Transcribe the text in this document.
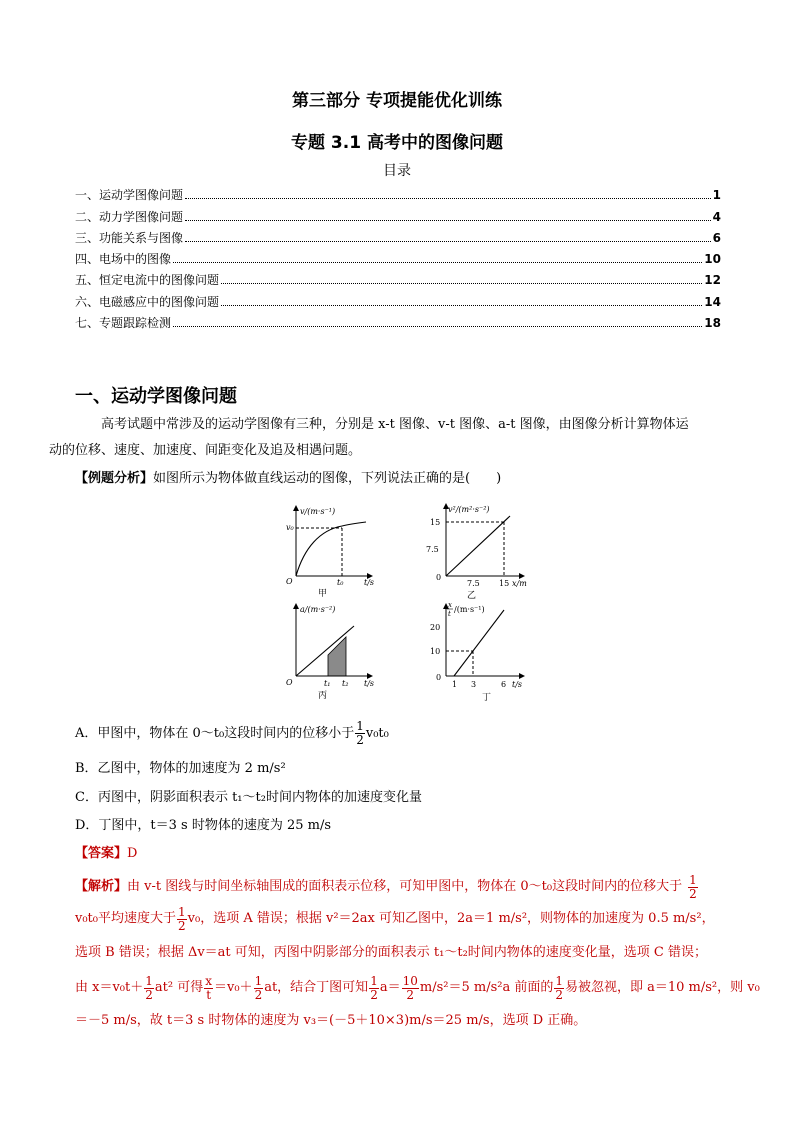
第三部分 专项提能优化训练
专题 3.1 高考中的图像问题
目录
一、运动学图像问题	1
二、动力学图像问题	4
三、功能关系与图像	6
四、电场中的图像	10
五、恒定电流中的图像问题	12
六、电磁感应中的图像问题	14
七、专题跟踪检测	18
一、运动学图像问题
高考试题中常涉及的运动学图像有三种，分别是 x-t 图像、v-t 图像、a-t 图像，由图像分析计算物体运
动的位移、速度、加速度、间距变化及追及相遇问题。
【例题分析】如图所示为物体做直线运动的图像，下列说法正确的是(　　)
v/(m·s⁻¹)
v₀
O	t₀	t/s
甲
v²/(m²·s⁻²)
15
7.5
0
7.5 15 x/m
乙
a/(m·s⁻²)
O	t₁ t₂ t/s
丙
x
t /(m·s⁻¹)
20
10
0
1 3	6 t/s
丁
A．甲图中，物体在 0～t₀这段时间内的位移小于 $\frac{1}{2} v_0t_0$
B．乙图中，物体的加速度为 2 m/s²
C．丙图中，阴影面积表示 t₁～t₂时间内物体的加速度变化量
D．丁图中，t＝3 s 时物体的速度为 25 m/s
【答案】D
【解析】 由 v-t 图线与时间坐标轴围成的面积表示位移，可知甲图中，物体在 0～t₀这段时间内的位移大于 $\frac{1}{2}$
v₀t₀平均速度大于 $\frac{1}{2} v_0$，选项 A 错误；根据 v²＝2ax 可知乙图中，2a＝1 m/s²，则物体的加速度为 0.5 m/s²，
选项 B 错误；根据 Δv＝at 可知，丙图中阴影部分的面积表示 t₁～t₂时间内物体的速度变化量，选项 C 错误；
由 $x=v_0t+ \frac{1}{2} at^2$ 可得 $\frac{x}{t} =v_0+ \frac{1}{2}$ at，结合丁图可知 $\frac{1}{2} a= \frac{10}{2} m/s^2=5$ m/s²a 前面的 $\frac{1}{2}$ 易被忽视，即 a＝10 m/s²，则 v₀
＝－5 m/s，故 t＝3 s 时物体的速度为 v₃＝(－5＋10×3)m/s＝25 m/s，选项 D 正确。
